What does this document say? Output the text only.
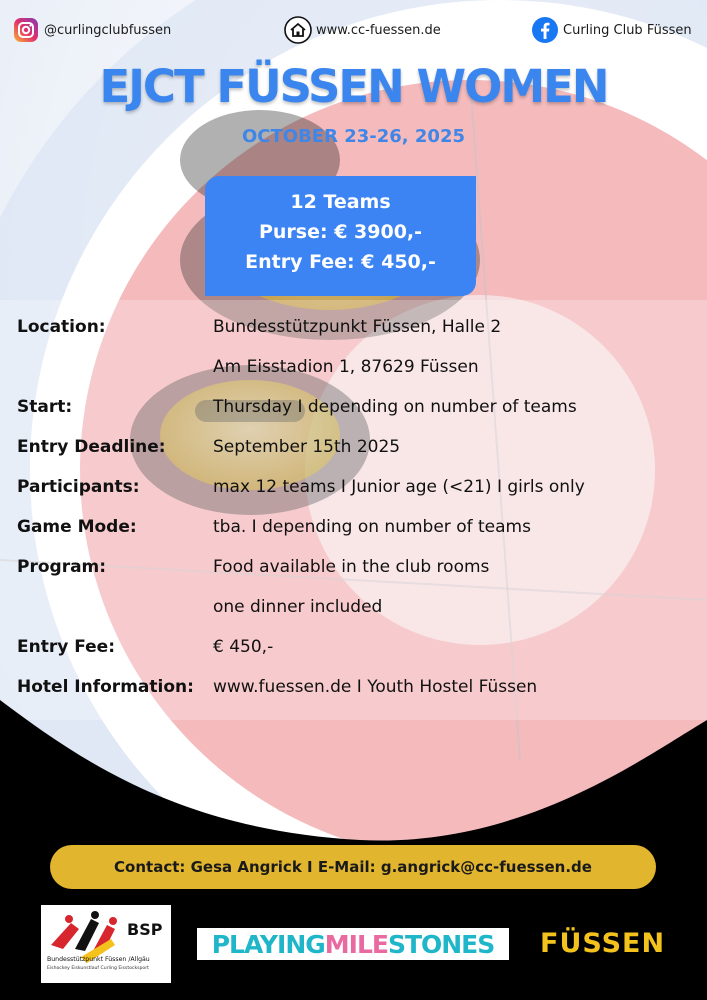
@curlingclubfussen	www.cc-fuessen.de	Curling Club Füssen
EJCT FÜSSEN WOMEN
OCTOBER 23-26, 2025
12 Teams
Purse: € 3900,-
Entry Fee: € 450,-
Location:	Bundesstützpunkt Füssen, Halle 2
Am Eisstadion 1, 87629 Füssen
Start:	Thursday I depending on number of teams
Entry Deadline:	September 15th 2025
Participants:	max 12 teams I Junior age (<21) I girls only
Game Mode:	tba. I depending on number of teams
Program:	Food available in the club rooms
one dinner included
Entry Fee:	€ 450,-
Hotel Information:	www.fuessen.de I Youth Hostel Füssen
Contact: Gesa Angrick I E-Mail: g.angrick@cc-fuessen.de
BSP
Bundesstützpunkt Füssen /Allgäu
Eishockey Eiskunstlauf Curling Eisstocksport
PLAYING MILE STONES FÜSSEN
